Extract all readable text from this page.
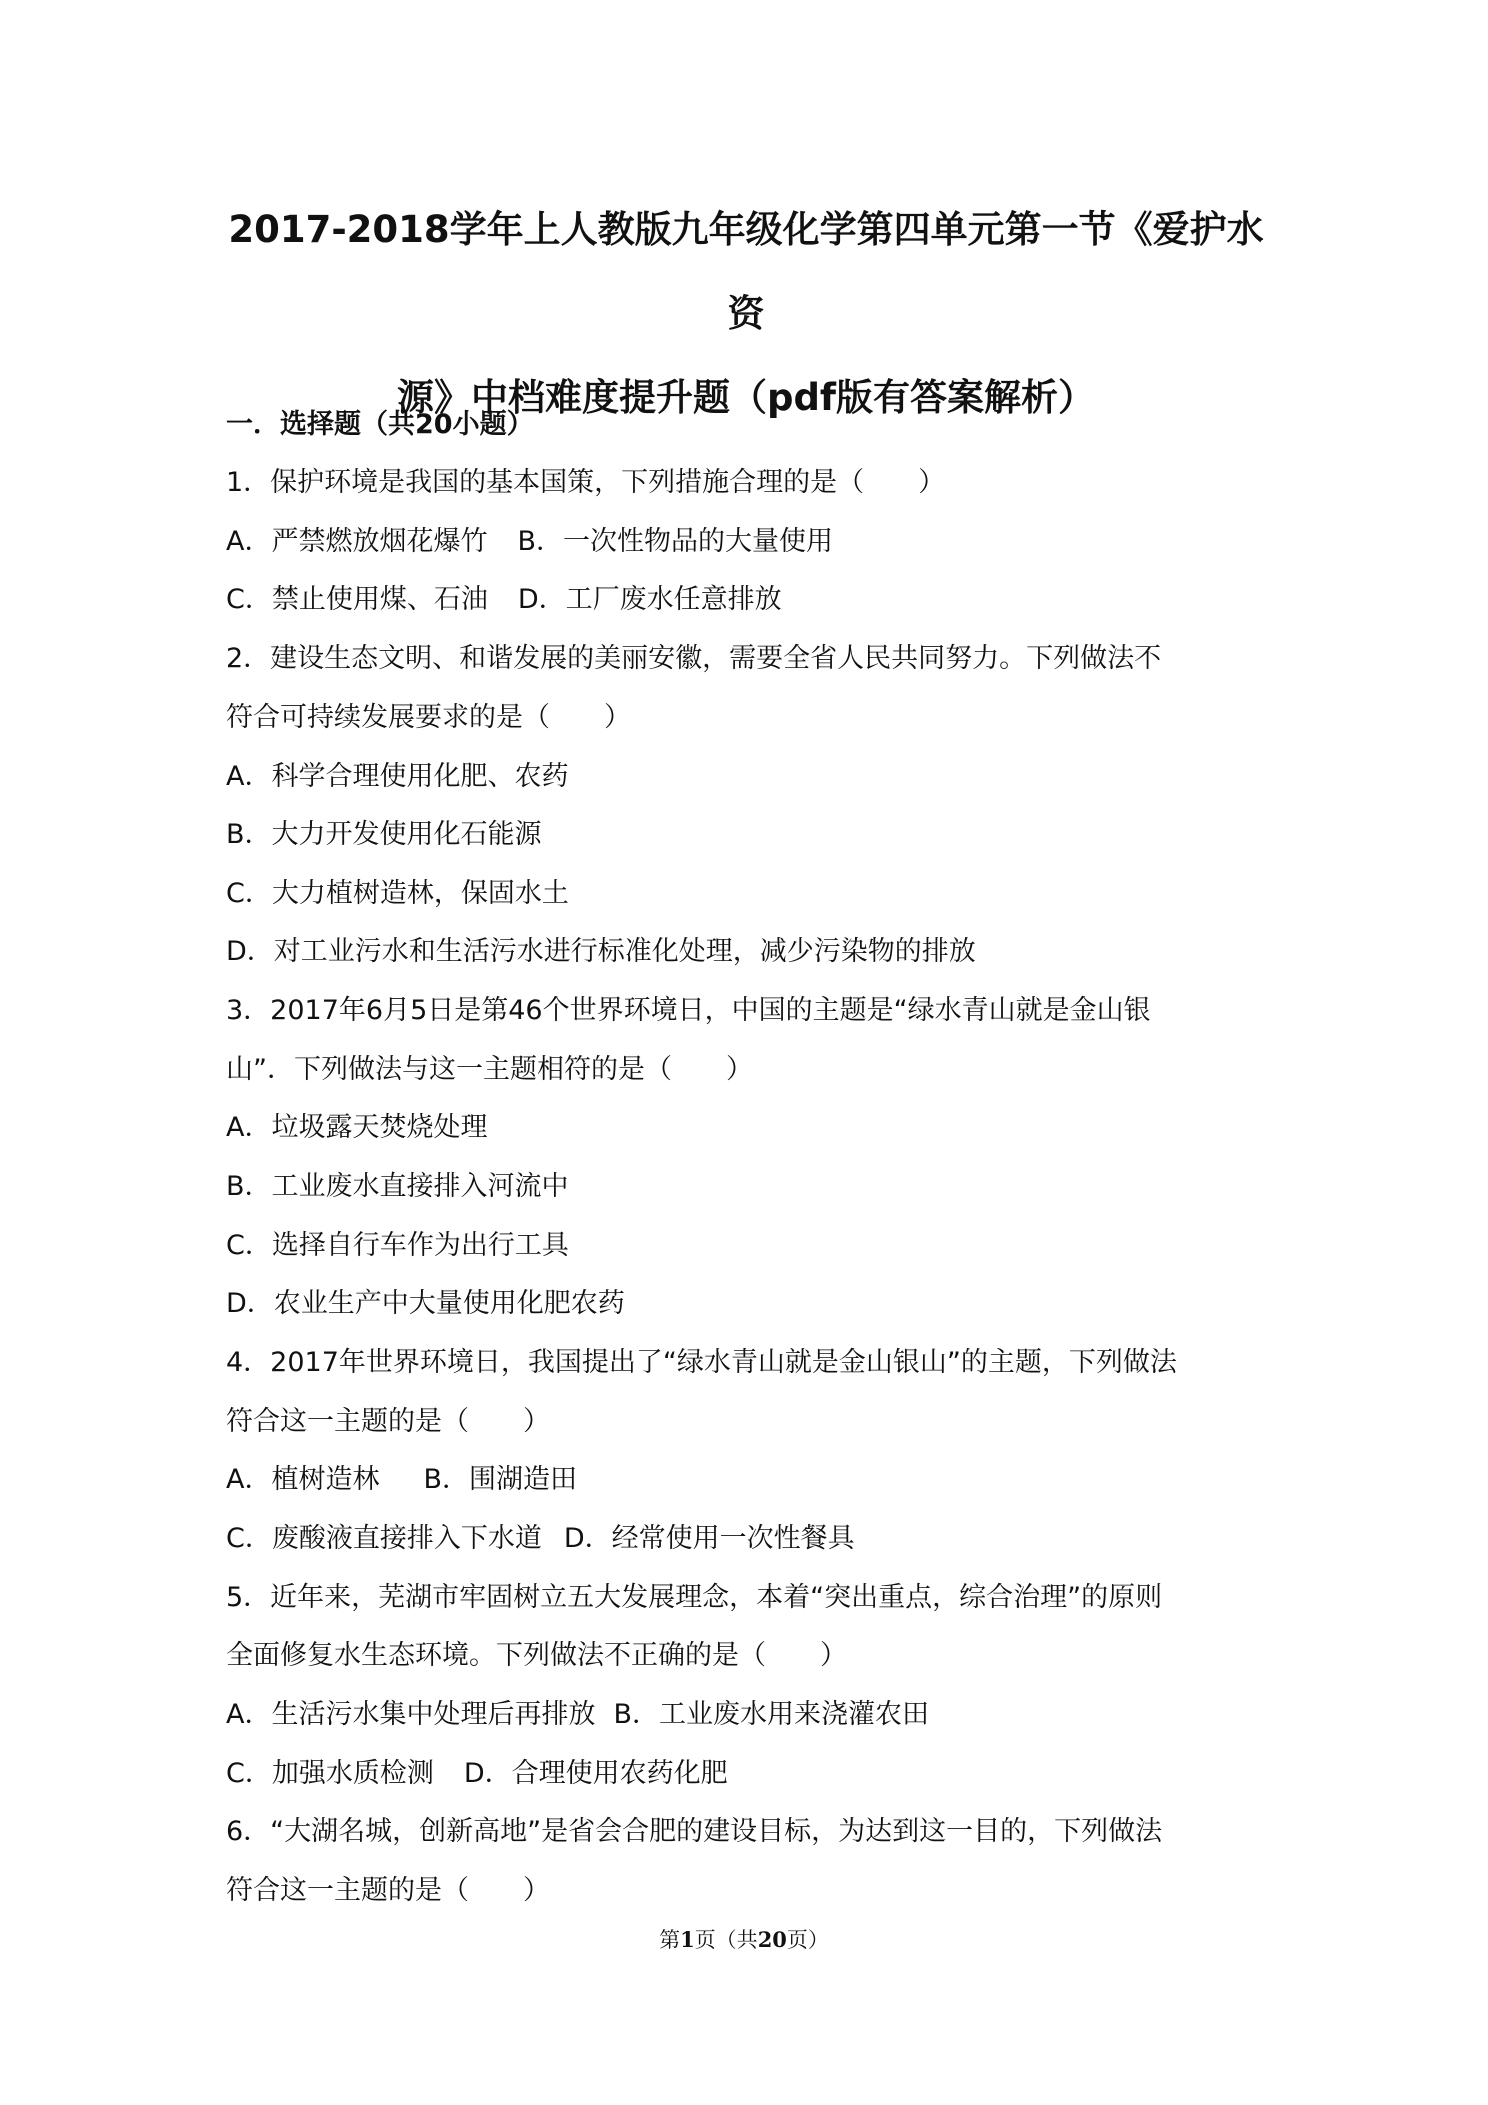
2017-2018学年上人教版九年级化学第四单元第一节《爱护水资
源》中档难度提升题（pdf版有答案解析）
一．选择题（共20小题）
1．保护环境是我国的基本国策，下列措施合理的是（　　）
A．严禁燃放烟花爆竹 B．一次性物品的大量使用
C．禁止使用煤、石油 D．工厂废水任意排放
2．建设生态文明、和谐发展的美丽安徽，需要全省人民共同努力。下列做法不
符合可持续发展要求的是（　　）
A．科学合理使用化肥、农药
B．大力开发使用化石能源
C．大力植树造林，保固水土
D．对工业污水和生活污水进行标准化处理，减少污染物的排放
3．2017年6月5日是第46个世界环境日，中国的主题是“绿水青山就是金山银
山”．下列做法与这一主题相符的是（　　）
A．垃圾露天焚烧处理
B．工业废水直接排入河流中
C．选择自行车作为出行工具
D．农业生产中大量使用化肥农药
4．2017年世界环境日，我国提出了“绿水青山就是金山银山”的主题，下列做法
符合这一主题的是（　　）
A．植树造林 B．围湖造田
C．废酸液直接排入下水道 D．经常使用一次性餐具
5．近年来，芜湖市牢固树立五大发展理念，本着“突出重点，综合治理”的原则
全面修复水生态环境。下列做法不正确的是（　　）
A．生活污水集中处理后再排放 B．工业废水用来浇灌农田
C．加强水质检测 D．合理使用农药化肥
6．“大湖名城，创新高地”是省会合肥的建设目标，为达到这一目的，下列做法
符合这一主题的是（　　）
第1页（共20页）
